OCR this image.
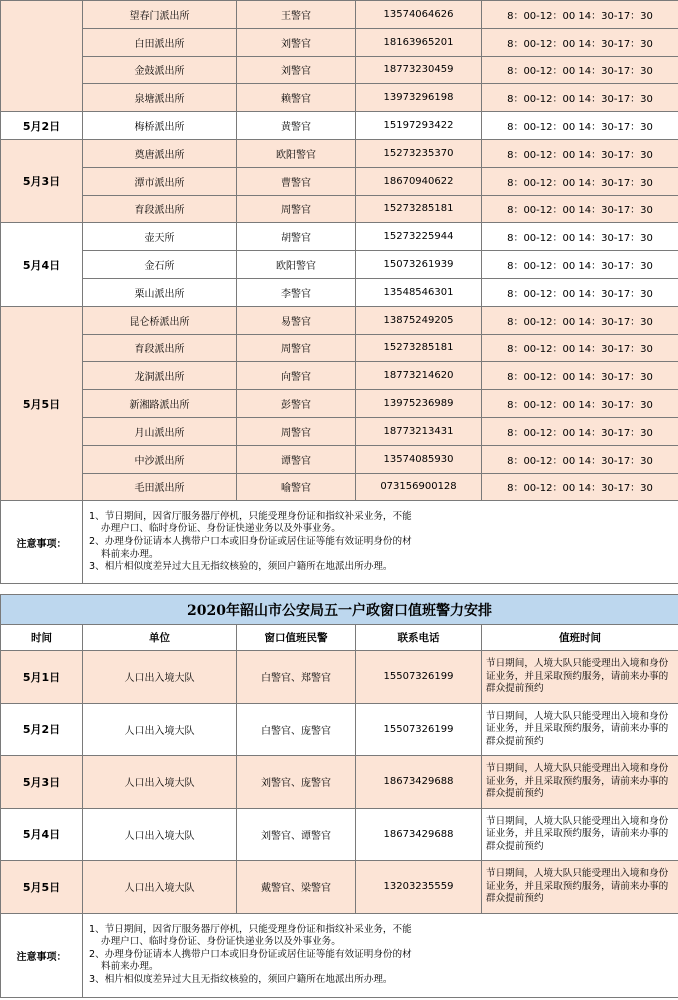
	望春门派出所	王警官	13574064626	8：00-12：00 14：30-17：30
	白田派出所	刘警官	18163965201	8：00-12：00 14：30-17：30
	金鼓派出所	刘警官	18773230459	8：00-12：00 14：30-17：30
	泉塘派出所	赖警官	13973296198	8：00-12：00 14：30-17：30
5月2日	梅桥派出所	黄警官	15197293422	8：00-12：00 14：30-17：30
5月3日	奠唐派出所	欧阳警官	15273235370	8：00-12：00 14：30-17：30
	潭市派出所	曹警官	18670940622	8：00-12：00 14：30-17：30
	育段派出所	周警官	15273285181	8：00-12：00 14：30-17：30
5月4日	壶天所	胡警官	15273225944	8：00-12：00 14：30-17：30
	金石所	欧阳警官	15073261939	8：00-12：00 14：30-17：30
	栗山派出所	李警官	13548546301	8：00-12：00 14：30-17：30
5月5日	昆仑桥派出所	易警官	13875249205	8：00-12：00 14：30-17：30
	育段派出所	周警官	15273285181	8：00-12：00 14：30-17：30
	龙洞派出所	向警官	18773214620	8：00-12：00 14：30-17：30
	新湘路派出所	彭警官	13975236989	8：00-12：00 14：30-17：30
	月山派出所	周警官	18773213431	8：00-12：00 14：30-17：30
	中沙派出所	谭警官	13574085930	8：00-12：00 14：30-17：30
	毛田派出所	喻警官	073156900128	8：00-12：00 14：30-17：30
注意事项：	1、节日期间，因省厅服务器厅停机，只能受理身份证和指纹补采业务，不能
办理户口、临时身份证、身份证快递业务以及外事业务。
2、办理身份证请本人携带户口本或旧身份证或居住证等能有效证明身份的材
料前来办理。
3、相片相似度差异过大且无指纹核验的，须回户籍所在地派出所办理。			
2020年韶山市公安局五一户政窗口值班警力安排				
时间	单位	窗口值班民警	联系电话	值班时间
5月1日	人口出入境大队	白警官、郑警官	15507326199	节日期间，人境大队只能受理出入境和身份证业务，并且采取预约服务，请前来办事的群众提前预约
5月2日	人口出入境大队	白警官、庞警官	15507326199	节日期间，人境大队只能受理出入境和身份证业务，并且采取预约服务，请前来办事的群众提前预约
5月3日	人口出入境大队	刘警官、庞警官	18673429688	节日期间，人境大队只能受理出入境和身份证业务，并且采取预约服务，请前来办事的群众提前预约
5月4日	人口出入境大队	刘警官、谭警官	18673429688	节日期间，人境大队只能受理出入境和身份证业务，并且采取预约服务，请前来办事的群众提前预约
5月5日	人口出入境大队	戴警官、梁警官	13203235559	节日期间，人境大队只能受理出入境和身份证业务，并且采取预约服务，请前来办事的群众提前预约
注意事项：	1、节日期间，因省厅服务器厅停机，只能受理身份证和指纹补采业务，不能
办理户口、临时身份证、身份证快递业务以及外事业务。
2、办理身份证请本人携带户口本或旧身份证或居住证等能有效证明身份的材
料前来办理。
3、相片相似度差异过大且无指纹核验的，须回户籍所在地派出所办理。			
